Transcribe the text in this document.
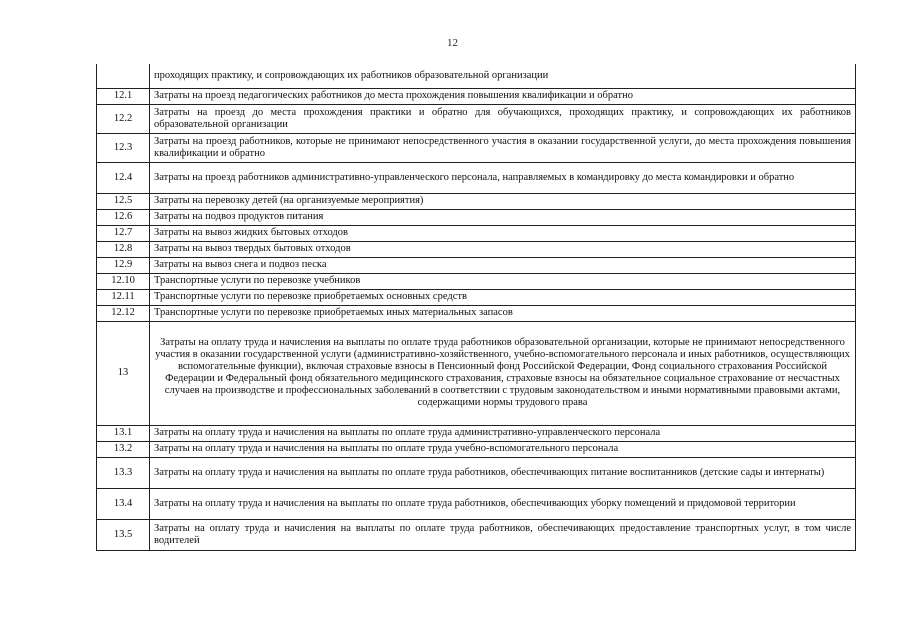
12
	проходящих практику, и сопровождающих их работников образовательной организации
12.1	Затраты на проезд педагогических работников до места прохождения повышения квалификации и обратно
12.2	Затраты на проезд до места прохождения практики и обратно для обучающихся, проходящих практику, и сопровождающих их работников образовательной организации
12.3	Затраты на проезд работников, которые не принимают непосредственного участия в оказании государственной услуги, до места прохождения повышения квалификации и обратно
12.4	Затраты на проезд работников административно-управленческого персонала, направляемых в командировку до места командировки и обратно
12.5	Затраты на перевозку детей (на организуемые мероприятия)
12.6	Затраты на подвоз продуктов питания
12.7	Затраты на вывоз жидких бытовых отходов
12.8	Затраты на вывоз твердых бытовых отходов
12.9	Затраты на вывоз снега и подвоз песка
12.10	Транспортные услуги по перевозке учебников
12.11	Транспортные услуги по перевозке приобретаемых основных средств
12.12	Транспортные услуги по перевозке приобретаемых иных материальных запасов
13	Затраты на оплату труда и начисления на выплаты по оплате труда работников образовательной организации, которые не принимают непосредственного участия в оказании государственной услуги (административно-хозяйственного, учебно-вспомогательного персонала и иных работников, осуществляющих вспомогательные функции), включая страховые взносы в Пенсионный фонд Российской Федерации, Фонд социального страхования Российской Федерации и Федеральный фонд обязательного медицинского страхования, страховые взносы на обязательное социальное страхование от несчастных случаев на производстве и профессиональных заболеваний в соответствии с трудовым законодательством и иными нормативными правовыми актами, содержащими нормы трудового права
13.1	Затраты на оплату труда и начисления на выплаты по оплате труда административно-управленческого персонала
13.2	Затраты на оплату труда и начисления на выплаты по оплате труда учебно-вспомогательного персонала
13.3	Затраты на оплату труда и начисления на выплаты по оплате труда работников, обеспечивающих питание воспитанников (детские сады и интернаты)
13.4	Затраты на оплату труда и начисления на выплаты по оплате труда работников, обеспечивающих уборку помещений и придомовой территории
13.5	Затраты на оплату труда и начисления на выплаты по оплате труда работников, обеспечивающих предоставление транспортных услуг, в том числе водителей
